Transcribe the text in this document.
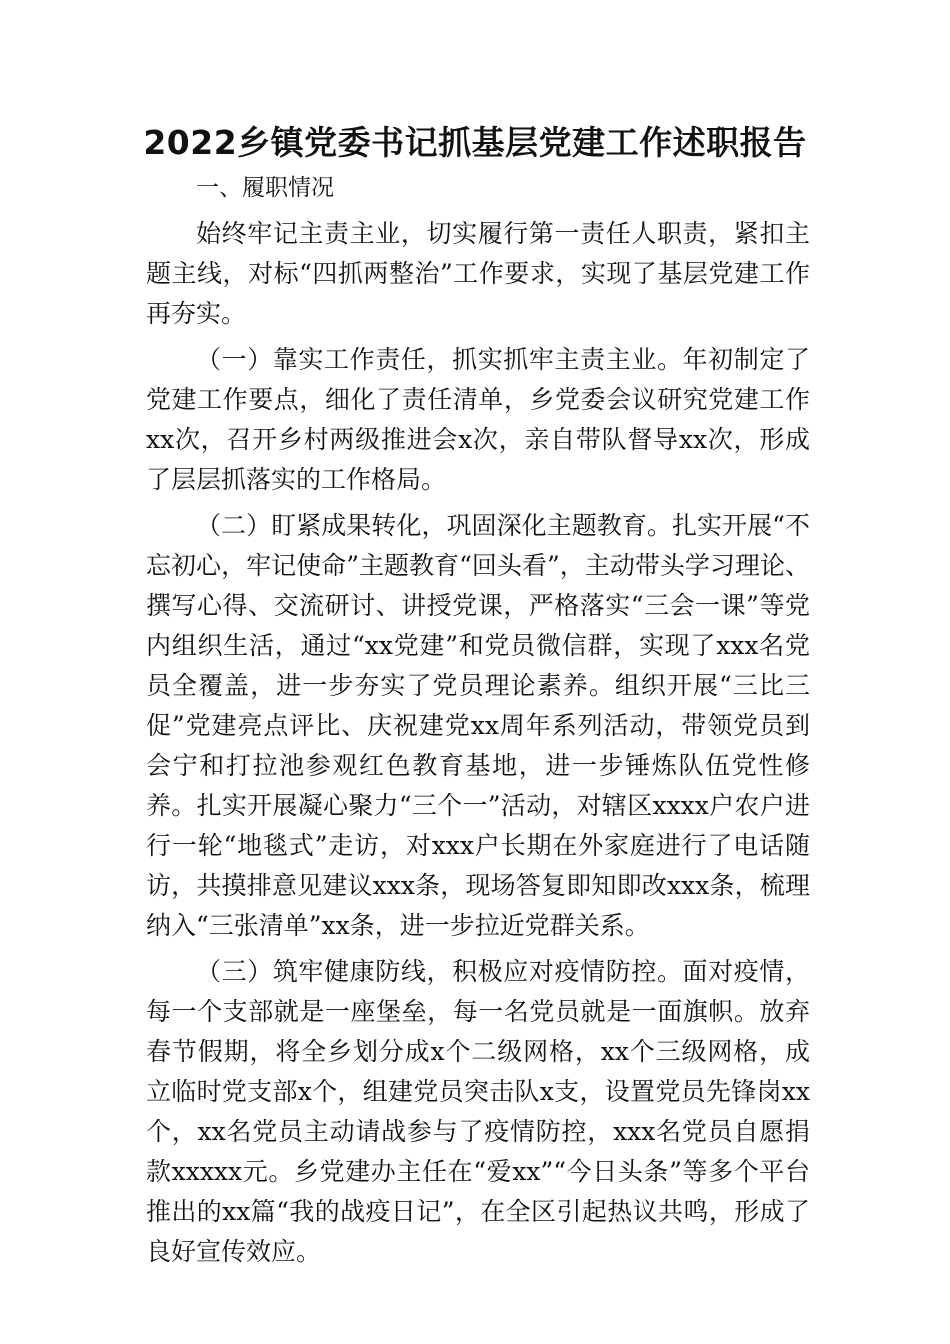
2022乡镇党委书记抓基层党建工作述职报告

一、履职情况

始终牢记主责主业，切实履行第一责任人职责，紧扣主题主线，对标“四抓两整治”工作要求，实现了基层党建工作再夯实。

（一）靠实工作责任，抓实抓牢主责主业。年初制定了党建工作要点，细化了责任清单，乡党委会议研究党建工作xx次，召开乡村两级推进会x次，亲自带队督导xx次，形成了层层抓落实的工作格局。

（二）盯紧成果转化，巩固深化主题教育。扎实开展“不忘初心，牢记使命”主题教育“回头看”，主动带头学习理论、撰写心得、交流研讨、讲授党课，严格落实“三会一课”等党内组织生活，通过“xx党建”和党员微信群，实现了xxx名党员全覆盖，进一步夯实了党员理论素养。组织开展“三比三促”党建亮点评比、庆祝建党xx周年系列活动，带领党员到会宁和打拉池参观红色教育基地，进一步锤炼队伍党性修养。扎实开展凝心聚力“三个一”活动，对辖区xxxx户农户进行一轮“地毯式”走访，对xxx户长期在外家庭进行了电话随访，共摸排意见建议xxx条，现场答复即知即改xxx条，梳理纳入“三张清单”xx条，进一步拉近党群关系。

（三）筑牢健康防线，积极应对疫情防控。面对疫情，每一个支部就是一座堡垒，每一名党员就是一面旗帜。放弃春节假期，将全乡划分成x个二级网格，xx个三级网格，成立临时党支部x个，组建党员突击队x支，设置党员先锋岗xx个，xx名党员主动请战参与了疫情防控，xxx名党员自愿捐款xxxxx元。乡党建办主任在“爱xx”“今日头条”等多个平台推出的xx篇“我的战疫日记”，在全区引起热议共鸣，形成了良好宣传效应。
